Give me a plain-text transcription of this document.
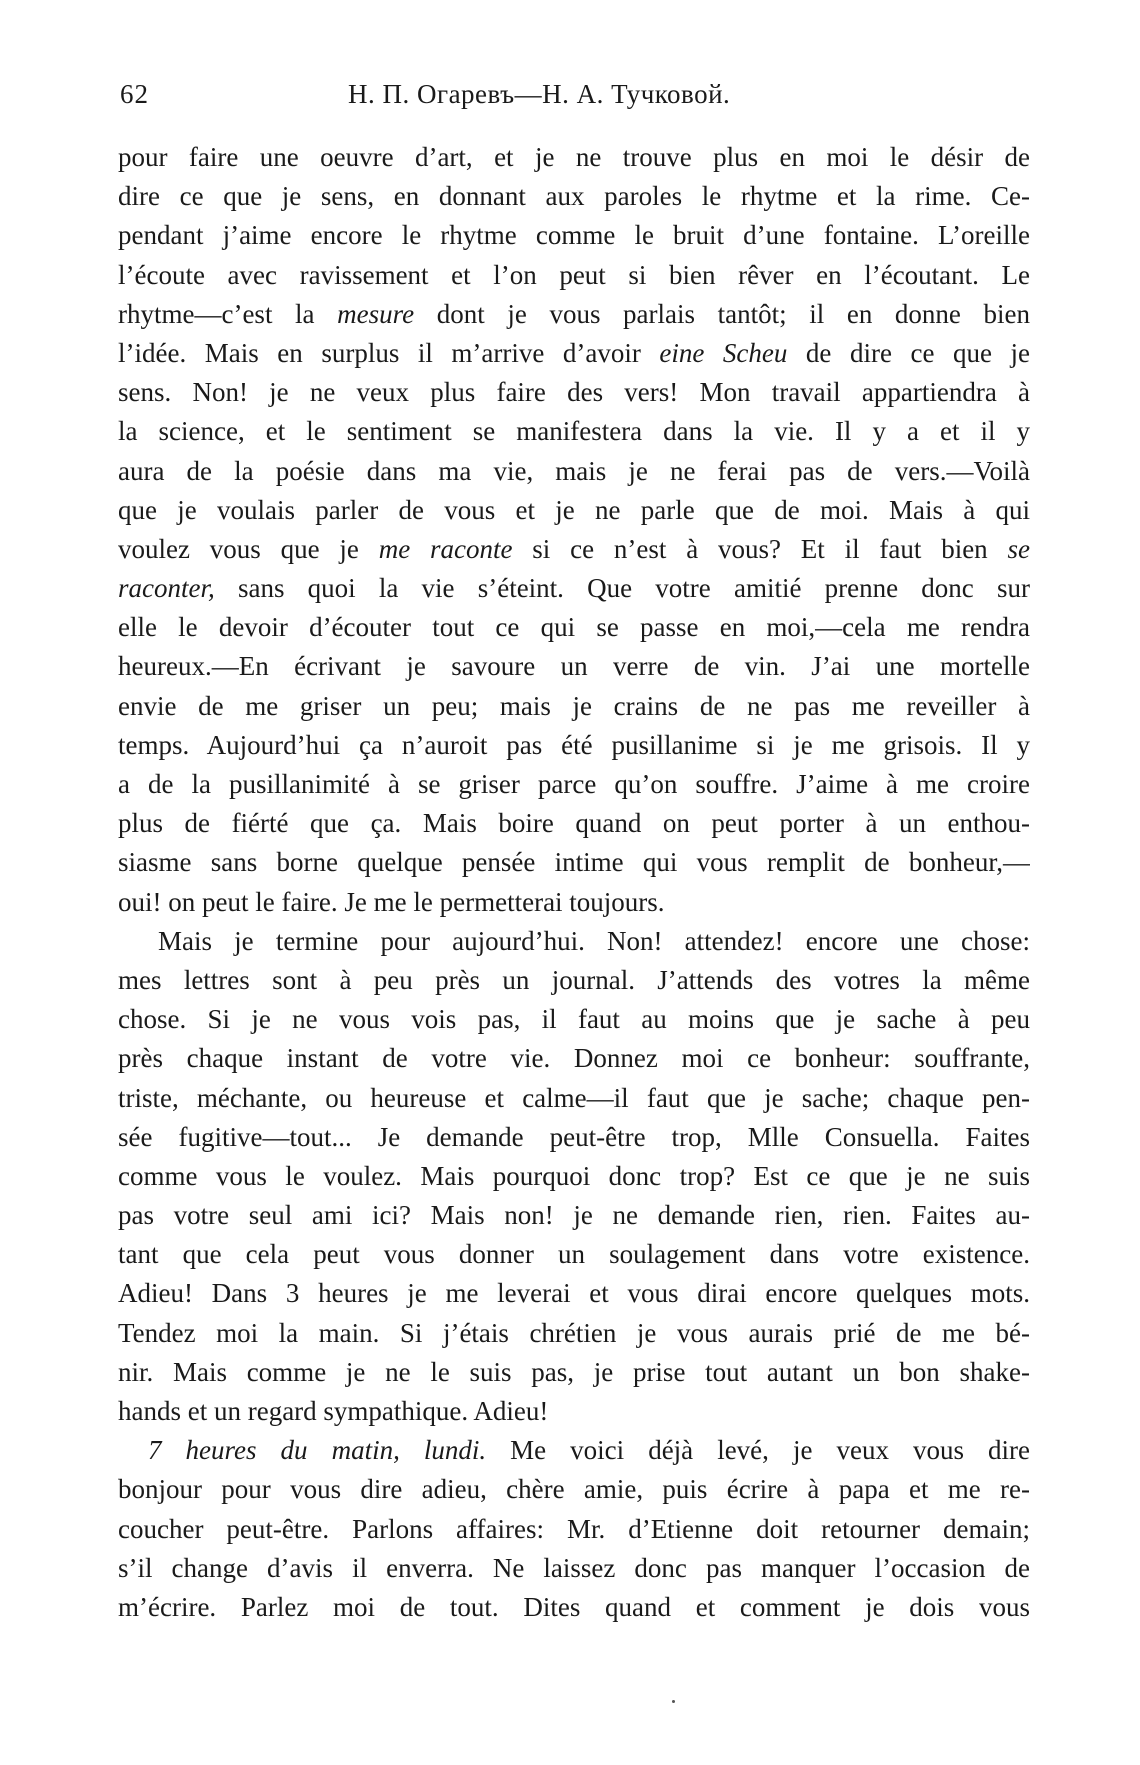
62	Н. П. Огаревъ—Н. А. Тучковой.
pour faire une oeuvre d’art, et je ne trouve plus en moi le désir de
dire ce que je sens, en donnant aux paroles le rhytme et la rime. Ce-
pendant j’aime encore le rhytme comme le bruit d’une fontaine. L’oreille
l’écoute avec ravissement et l’on peut si bien rêver en l’écoutant. Le
rhytme—c’est la mesure dont je vous parlais tantôt; il en donne bien
l’idée. Mais en surplus il m’arrive d’avoir eine Scheu de dire ce que je
sens. Non! je ne veux plus faire des vers! Mon travail appartiendra à
la science, et le sentiment se manifestera dans la vie. Il y a et il y
aura de la poésie dans ma vie, mais je ne ferai pas de vers.—Voilà
que je voulais parler de vous et je ne parle que de moi. Mais à qui
voulez vous que je me raconte si ce n’est à vous? Et il faut bien se
raconter, sans quoi la vie s’éteint. Que votre amitié prenne donc sur
elle le devoir d’écouter tout ce qui se passe en moi,—cela me rendra
heureux.—En écrivant je savoure un verre de vin. J’ai une mortelle
envie de me griser un peu; mais je crains de ne pas me reveiller à
temps. Aujourd’hui ça n’auroit pas été pusillanime si je me grisois. Il y
a de la pusillanimité à se griser parce qu’on souffre. J’aime à me croire
plus de fiérté que ça. Mais boire quand on peut porter à un enthou-
siasme sans borne quelque pensée intime qui vous remplit de bonheur,—
oui! on peut le faire. Je me le permetterai toujours.
Mais je termine pour aujourd’hui. Non! attendez! encore une chose:
mes lettres sont à peu près un journal. J’attends des votres la même
chose. Si je ne vous vois pas, il faut au moins que je sache à peu
près chaque instant de votre vie. Donnez moi ce bonheur: souffrante,
triste, méchante, ou heureuse et calme—il faut que je sache; chaque pen-
sée fugitive—tout... Je demande peut-être trop, Mlle Consuella. Faites
comme vous le voulez. Mais pourquoi donc trop? Est ce que je ne suis
pas votre seul ami ici? Mais non! je ne demande rien, rien. Faites au-
tant que cela peut vous donner un soulagement dans votre existence.
Adieu! Dans 3 heures je me leverai et vous dirai encore quelques mots.
Tendez moi la main. Si j’étais chrétien je vous aurais prié de me bé-
nir. Mais comme je ne le suis pas, je prise tout autant un bon shake-
hands et un regard sympathique. Adieu!
7 heures du matin, lundi. Me voici déjà levé, je veux vous dire
bonjour pour vous dire adieu, chère amie, puis écrire à papa et me re-
coucher peut-être. Parlons affaires: Mr. d’Etienne doit retourner demain;
s’il change d’avis il enverra. Ne laissez donc pas manquer l’occasion de
m’écrire. Parlez moi de tout. Dites quand et comment je dois vous
